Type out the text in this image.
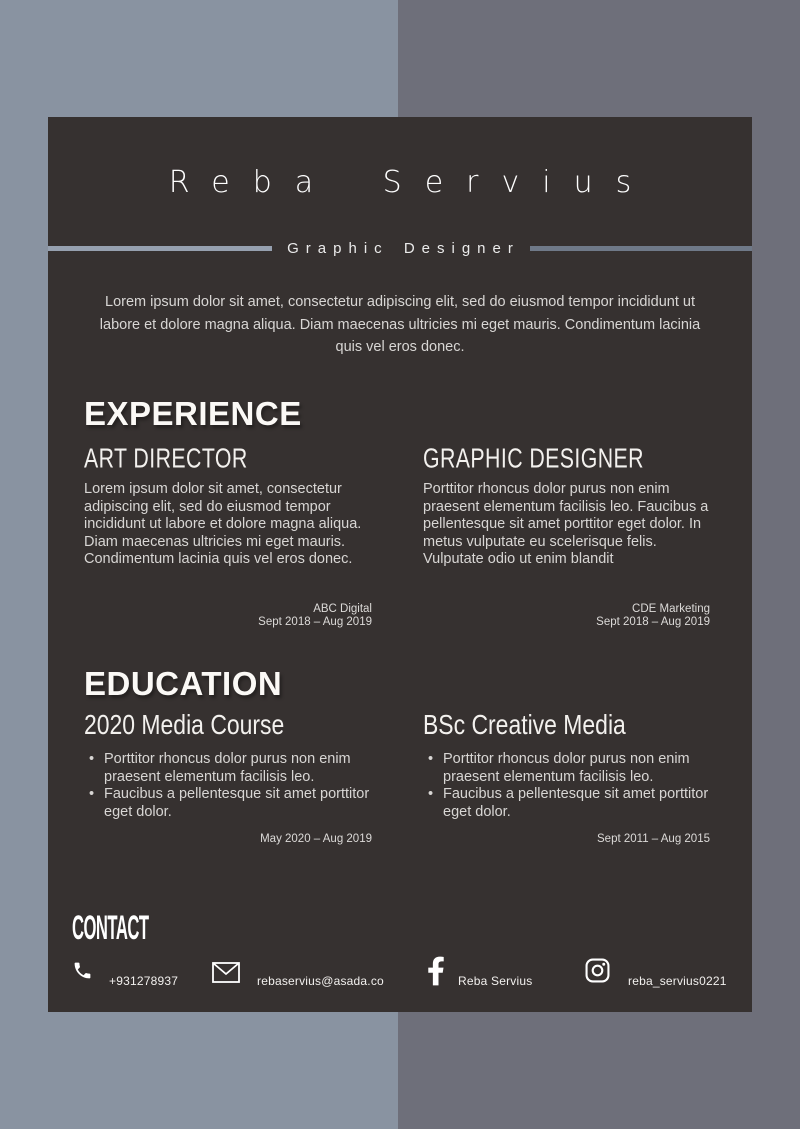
Reba Servius
Graphic Designer

Lorem ipsum dolor sit amet, consectetur adipiscing elit, sed do eiusmod tempor incididunt ut labore et dolore magna aliqua. Diam maecenas ultricies mi eget mauris. Condimentum lacinia quis vel eros donec.

EXPERIENCE
ART DIRECTOR

Lorem ipsum dolor sit amet, consectetur adipiscing elit, sed do eiusmod tempor incididunt ut labore et dolore magna aliqua. Diam maecenas ultricies mi eget mauris. Condimentum lacinia quis vel eros donec.

ABC Digital
Sept 2018 – Aug 2019
GRAPHIC DESIGNER

Porttitor rhoncus dolor purus non enim praesent elementum facilisis leo. Faucibus a pellentesque sit amet porttitor eget dolor. In metus vulputate eu scelerisque felis. Vulputate odio ut enim blandit

CDE Marketing
Sept 2018 – Aug 2019
EDUCATION
2020 Media Course
• Porttitor rhoncus dolor purus non enim praesent elementum facilisis leo.
• Faucibus a pellentesque sit amet porttitor eget dolor.
May 2020 – Aug 2019
BSc Creative Media
• Porttitor rhoncus dolor purus non enim praesent elementum facilisis leo.
• Faucibus a pellentesque sit amet porttitor eget dolor.
Sept 2011 – Aug 2015
CONTACT
+931278937	rebaservius@asada.co	Reba Servius	reba_servius0221
